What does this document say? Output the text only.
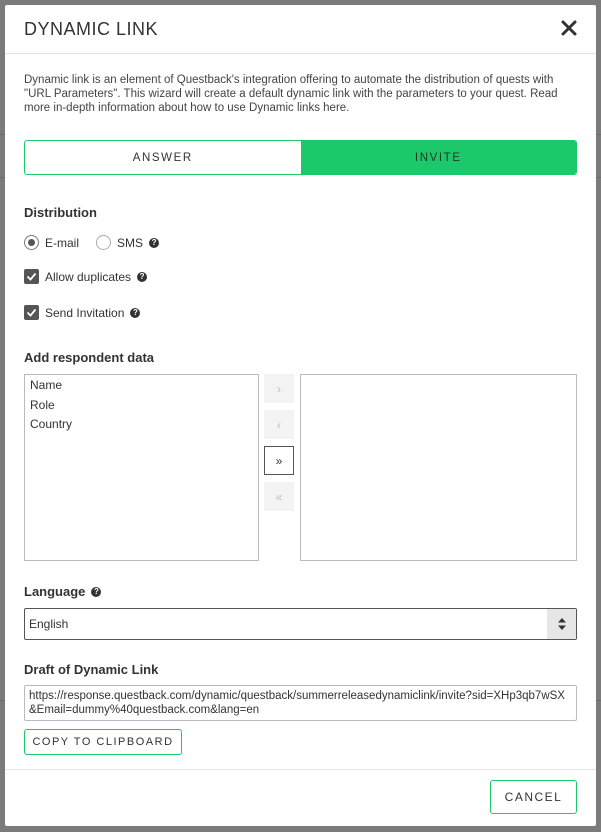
DYNAMIC LINK

Dynamic link is an element of Questback's integration offering to automate the distribution of quests with "URL Parameters". This wizard will create a default dynamic link with the parameters to your quest. Read more in-depth information about how to use Dynamic links here.

ANSWER	INVITE
Distribution
E-mail	SMS	?
Allow duplicates	?
Send Invitation	?
Add respondent data
Name
Role
Country
›
‹
»
«
Language	?
English
Draft of Dynamic Link
https://response.questback.com/dynamic/questback/summerreleasedynamiclink/invite?sid=XHp3qb7wSX&Email=dummy%40questback.com&lang=en
COPY TO CLIPBOARD
CANCEL
